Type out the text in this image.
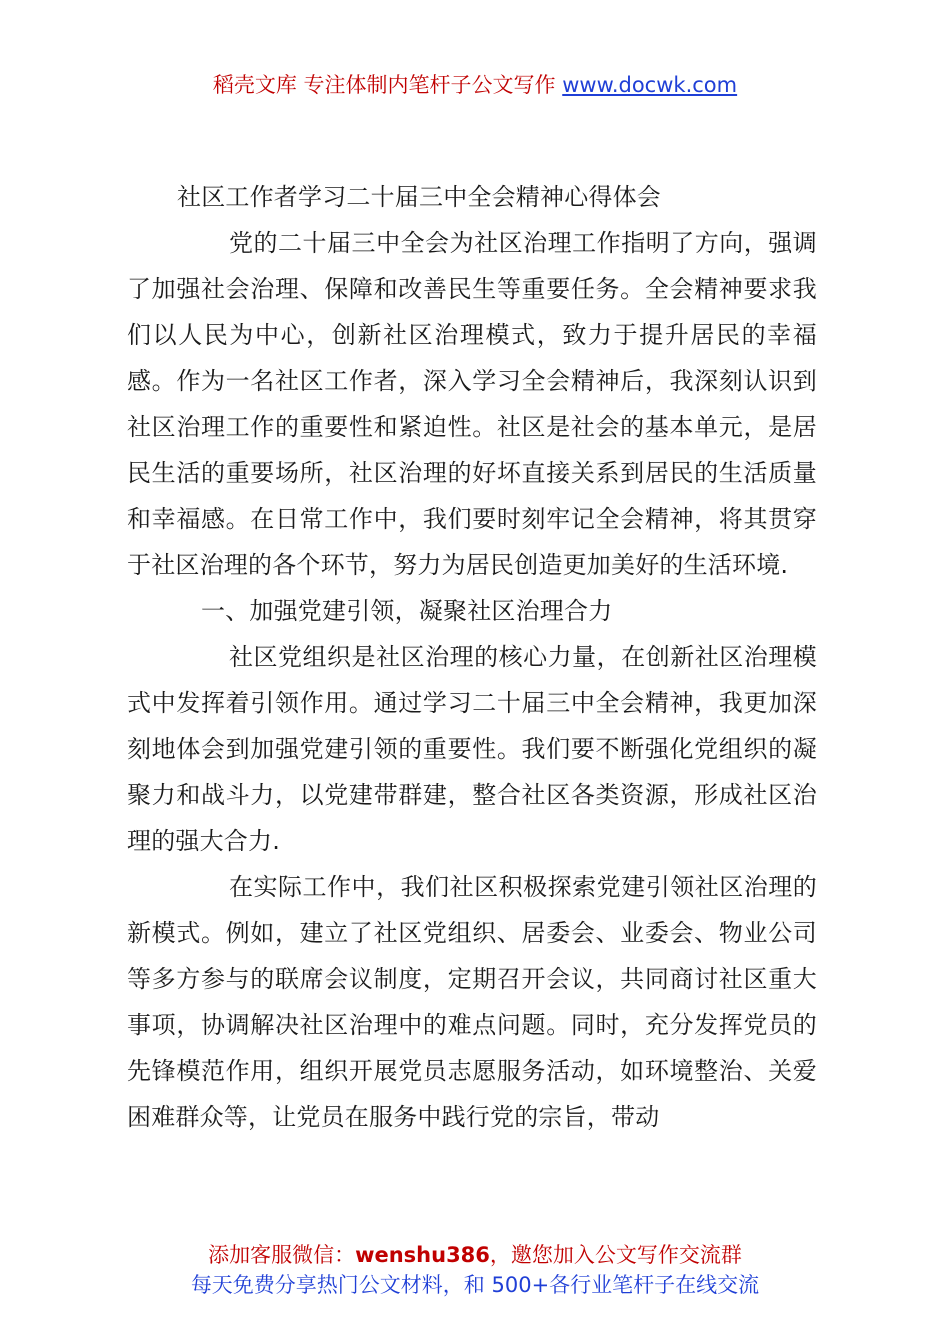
稻壳文库 专注体制内笔杆子公文写作 www.docwk.com
社区工作者学习二十届三中全会精神心得体会

党的二十届三中全会为社区治理工作指明了方向，强调了加强社会治理、保障和改善民生等重要任务。全会精神要求我们以人民为中心，创新社区治理模式，致力于提升居民的幸福感。作为一名社区工作者，深入学习全会精神后，我深刻认识到社区治理工作的重要性和紧迫性。社区是社会的基本单元，是居民生活的重要场所，社区治理的好坏直接关系到居民的生活质量和幸福感。在日常工作中，我们要时刻牢记全会精神，将其贯穿于社区治理的各个环节，努力为居民创造更加美好的生活环境.

一、加强党建引领，凝聚社区治理合力

社区党组织是社区治理的核心力量，在创新社区治理模式中发挥着引领作用。通过学习二十届三中全会精神，我更加深刻地体会到加强党建引领的重要性。我们要不断强化党组织的凝聚力和战斗力，以党建带群建，整合社区各类资源，形成社区治理的强大合力.

在实际工作中，我们社区积极探索党建引领社区治理的新模式。例如，建立了社区党组织、居委会、业委会、物业公司等多方参与的联席会议制度，定期召开会议，共同商讨社区重大事项，协调解决社区治理中的难点问题。同时，充分发挥党员的先锋模范作用，组织开展党员志愿服务活动，如环境整治、关爱困难群众等，让党员在服务中践行党的宗旨，带动

添加客服微信：wenshu386，邀您加入公文写作交流群
每天免费分享热门公文材料，和 500+各行业笔杆子在线交流
